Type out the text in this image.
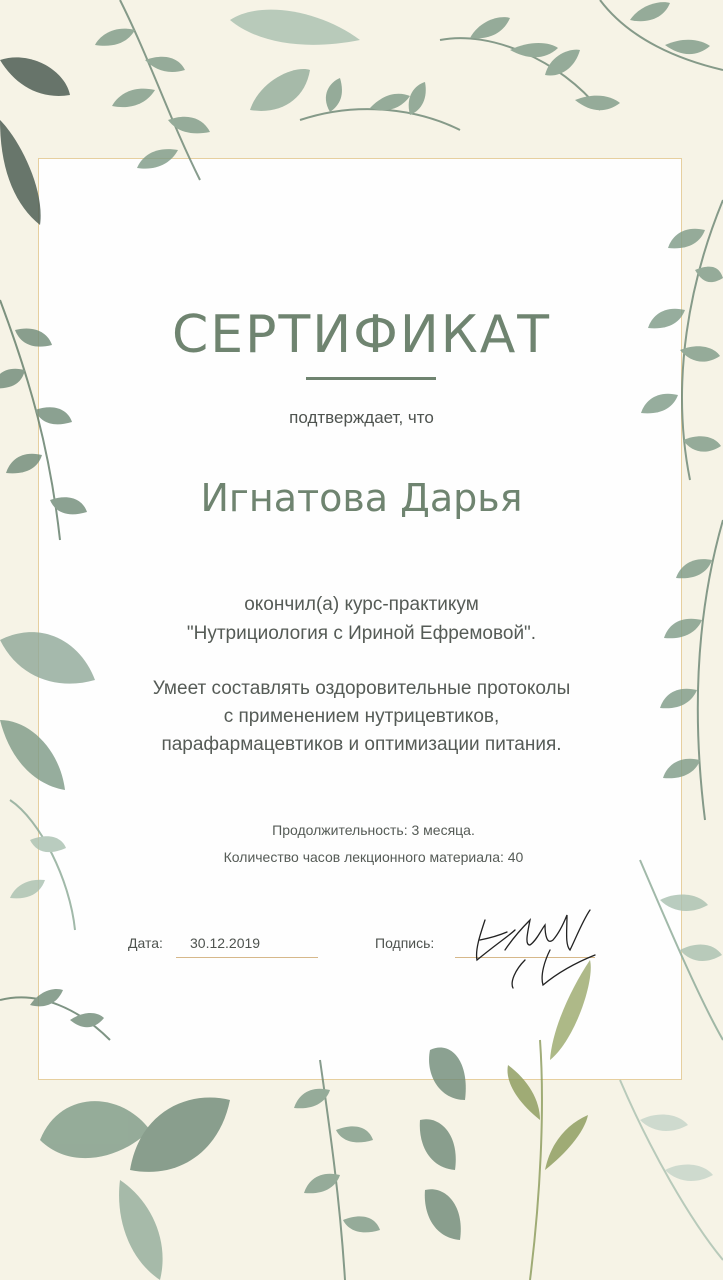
СЕРТИФИКАТ
подтверждает, что
Игнатова Дарья
окончил(а) курс-практикум
"Нутрициология с Ириной Ефремовой".
Умеет составлять оздоровительные протоколы
с применением нутрицевтиков,
парафармацевтиков и оптимизации питания.
Продолжительность: 3 месяца.
Количество часов лекционного материала: 40
Дата: 30.12.2019	Подпись:
